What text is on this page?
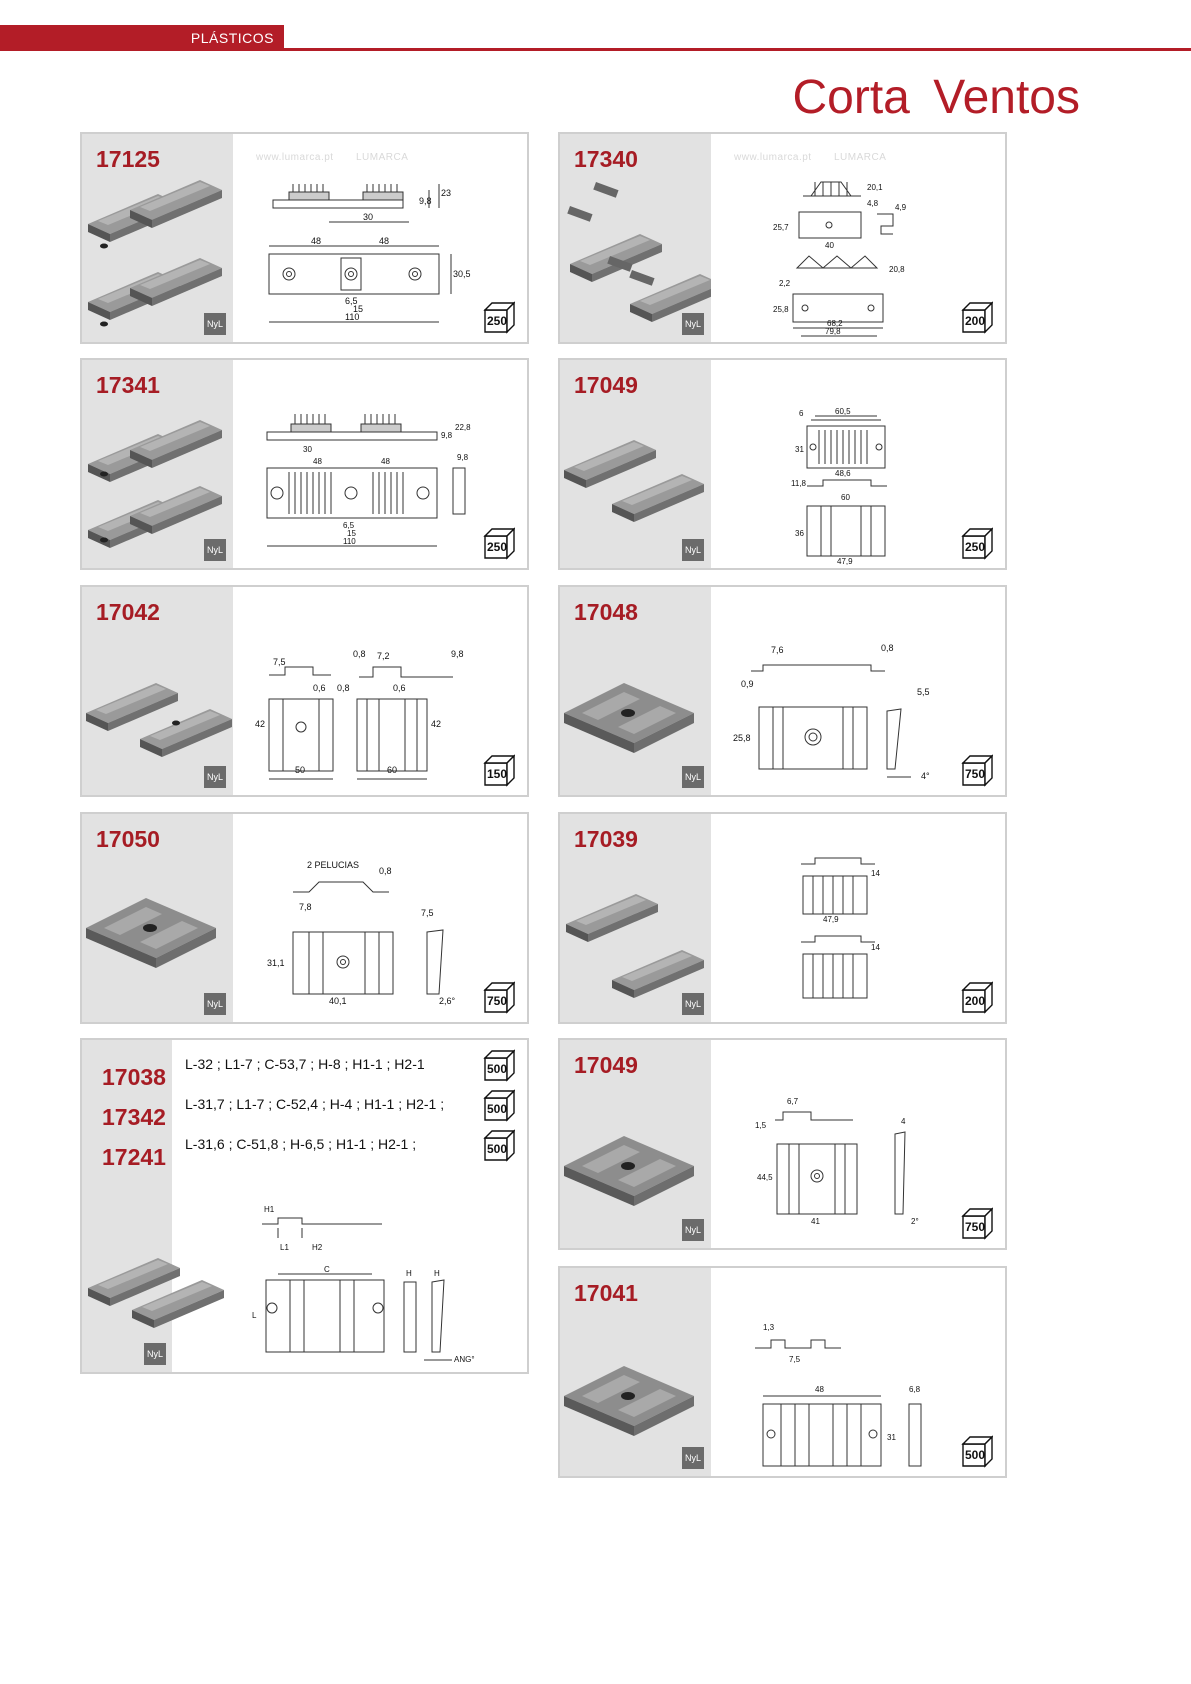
PLÁSTICOS
Corta Ventos
17125
NyL
48	48
30
110
9,8
23
30,5
6,5
15
250
17340
NyL
4,9
20,1
25,7
40
2,2
20,8
25,8
68,2
79,8
4,8
200
17341
NyL
30
48	48
110
9,8
22,8
9,8
6,5
15
250
17049
NyL
60,5
31
48,6
60
11,8
36
47,9
6
250
17042
NyL
7,5
42
50	60
0,6 0,8
0,8	9,8
7,2
0,6
42
150
17048
NyL
7,6	0,8
0,9
5,5
25,8
4°	750
17050
NyL
2 PELUCIAS
0,8
7,8
7,5
31,1
40,1	2,6°	750
17039
NyL
47,9
14
14
200
17038 L-32 ; L1-7 ; C-53,7 ; H-8 ; H1-1 ; H2-1
17342 L-31,7 ; L1-7 ; C-52,4 ; H-4 ; H1-1 ; H2-1 ;
17241 L-31,6 ; C-51,8 ; H-6,5 ; H1-1 ; H2-1 ;
500
500
500
NyL
H1
L1	H2
C	H	H
L
ANG°
17049
NyL
6,7
1,5	4
44,5
41	2°	750
17041
NyL
1,3
7,5
48	6,8
31
500
www.lumarca.pt LUMARCA	www.lumarca.pt LUMARCA
